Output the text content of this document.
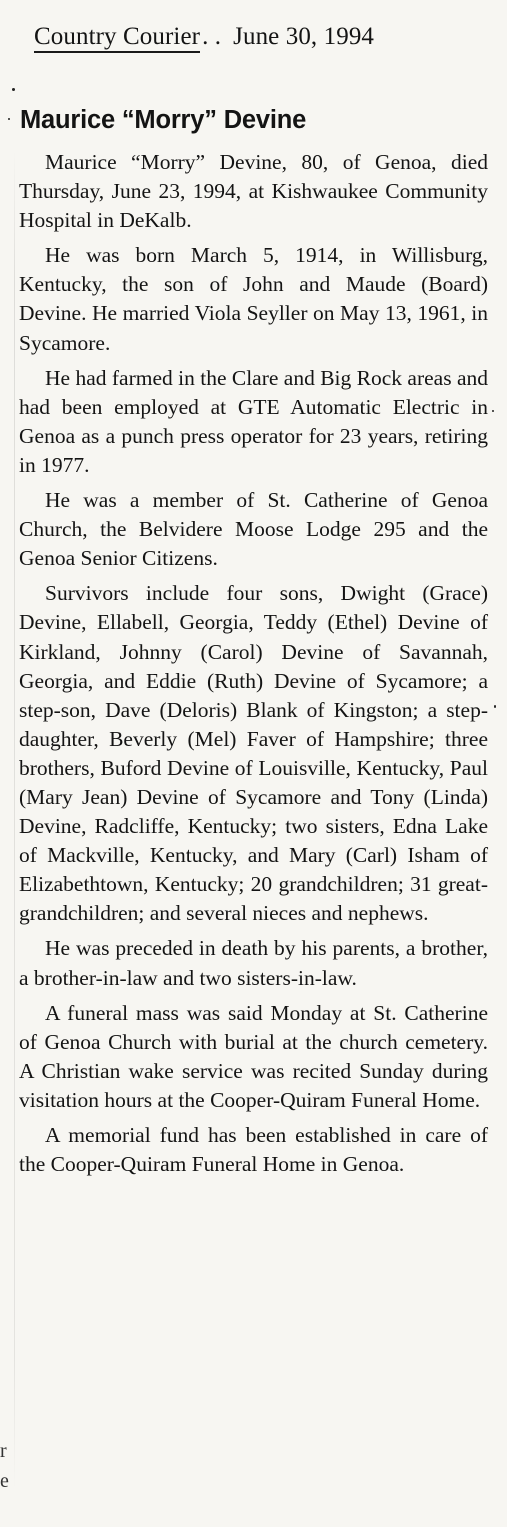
Country Courier. . June 30, 1994
Maurice “Morry” Devine

Maurice “Morry” Devine, 80, of Genoa, died Thursday, June 23, 1994, at Kishwaukee Community Hospital in DeKalb.

He was born March 5, 1914, in Willisburg, Kentucky, the son of John and Maude (Board) Devine. He married Viola Seyller on May 13, 1961, in Sycamore.

He had farmed in the Clare and Big Rock areas and had been employed at GTE Automatic Electric in Genoa as a punch press operator for 23 years, retiring in 1977.

He was a member of St. Catherine of Genoa Church, the Belvidere Moose Lodge 295 and the Genoa Senior Citizens.

Survivors include four sons, Dwight (Grace) Devine, Ellabell, Georgia, Teddy (Ethel) Devine of Kirkland, Johnny (Carol) Devine of Savannah, Georgia, and Eddie (Ruth) Devine of Sycamore; a step-son, Dave (Deloris) Blank of Kingston; a stepdaughter, Beverly (Mel) Faver of Hampshire; three brothers, Buford Devine of Louisville, Kentucky, Paul (Mary Jean) Devine of Sycamore and Tony (Linda) Devine, Radcliffe, Kentucky; two sisters, Edna Lake of Mackville, Kentucky, and Mary (Carl) Isham of Elizabethtown, Kentucky; 20 grandchildren; 31 great-grandchildren; and several nieces and nephews.

He was preceded in death by his parents, a brother, a brother-in-law and two sisters-in-law.

A funeral mass was said Monday at St. Catherine of Genoa Church with burial at the church cemetery. A Christian wake service was recited Sunday during visitation hours at the Cooper-Quiram Funeral Home.

A memorial fund has been established in care of the Cooper-Quiram Funeral Home in Genoa.

r
e
